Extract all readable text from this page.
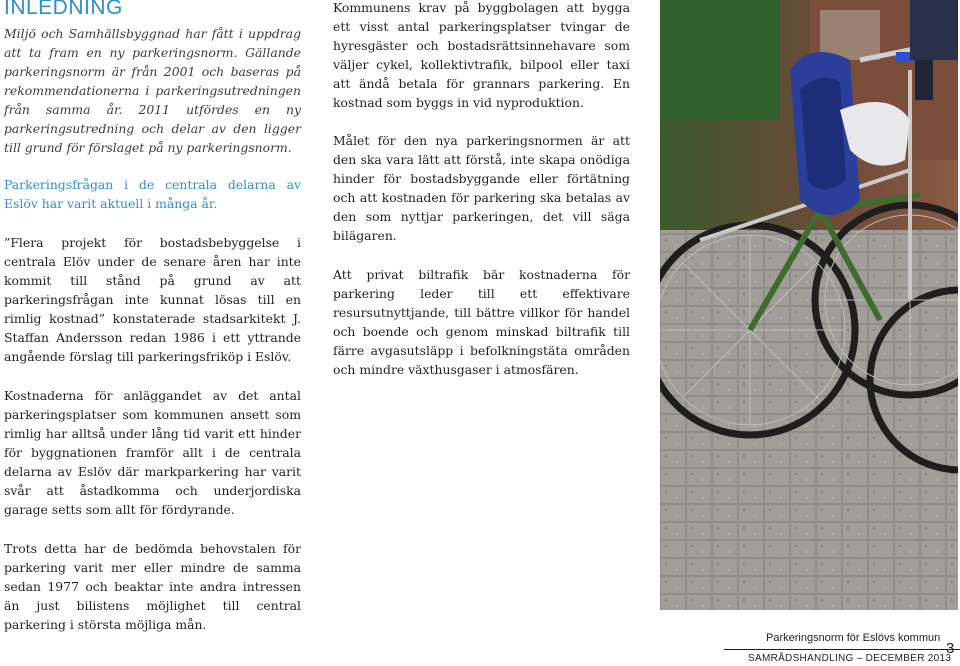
INLEDNING

Miljö och Samhällsbyggnad har fått i uppdrag att ta fram en ny parkeringsnorm. Gällande parkeringsnorm är från 2001 och baseras på rekommendationerna i parkeringsutredningen från samma år. 2011 utfördes en ny parkeringsutredning och delar av den ligger till grund för förslaget på ny parkeringsnorm.

Parkeringsfrågan i de centrala delarna av Eslöv har varit aktuell i många år.

”Flera projekt för bostadsbebyggelse i centrala Elöv under de senare åren har inte kommit till stånd på grund av att parkeringsfrågan inte kunnat lösas till en rimlig kostnad” konstaterade stadsarkitekt J. Staffan Andersson redan 1986 i ett yttrande angående förslag till parkeringsfriköp i Eslöv.

Kostnaderna för anläggandet av det antal parkeringsplatser som kommunen ansett som rimlig har alltså under lång tid varit ett hinder för byggnationen framför allt i de centrala delarna av Eslöv där markparkering har varit svår att åstadkomma och underjordiska garage setts som allt för fördyrande.

Trots detta har de bedömda behovstalen för parkering varit mer eller mindre de samma sedan 1977 och beaktar inte andra intressen än just bilistens möjlighet till central parkering i största möjliga mån.

Kommunens krav på byggbolagen att bygga ett visst antal parkeringsplatser tvingar de hyresgäster och bostadsrättsinnehavare som väljer cykel, kollektivtrafik, bilpool eller taxi att ändå betala för grannars parkering. En kostnad som byggs in vid nyproduktion.

Målet för den nya parkeringsnormen är att den ska vara lätt att förstå, inte skapa onödiga hinder för bostadsbyggande eller förtätning och att kostnaden för parkering ska betalas av den som nyttjar parkeringen, det vill säga bilägaren.

Att privat biltrafik bär kostnaderna för parkering leder till ett effektivare resursutnyttjande, till bättre villkor för handel och boende och genom minskad biltrafik till färre avgasutsläpp i befolkningstäta områden och mindre växthusgaser i atmosfären.

Parkeringsnorm för Eslövs kommun
SAMRÅDSHANDLING – DECEMBER 2013
3
